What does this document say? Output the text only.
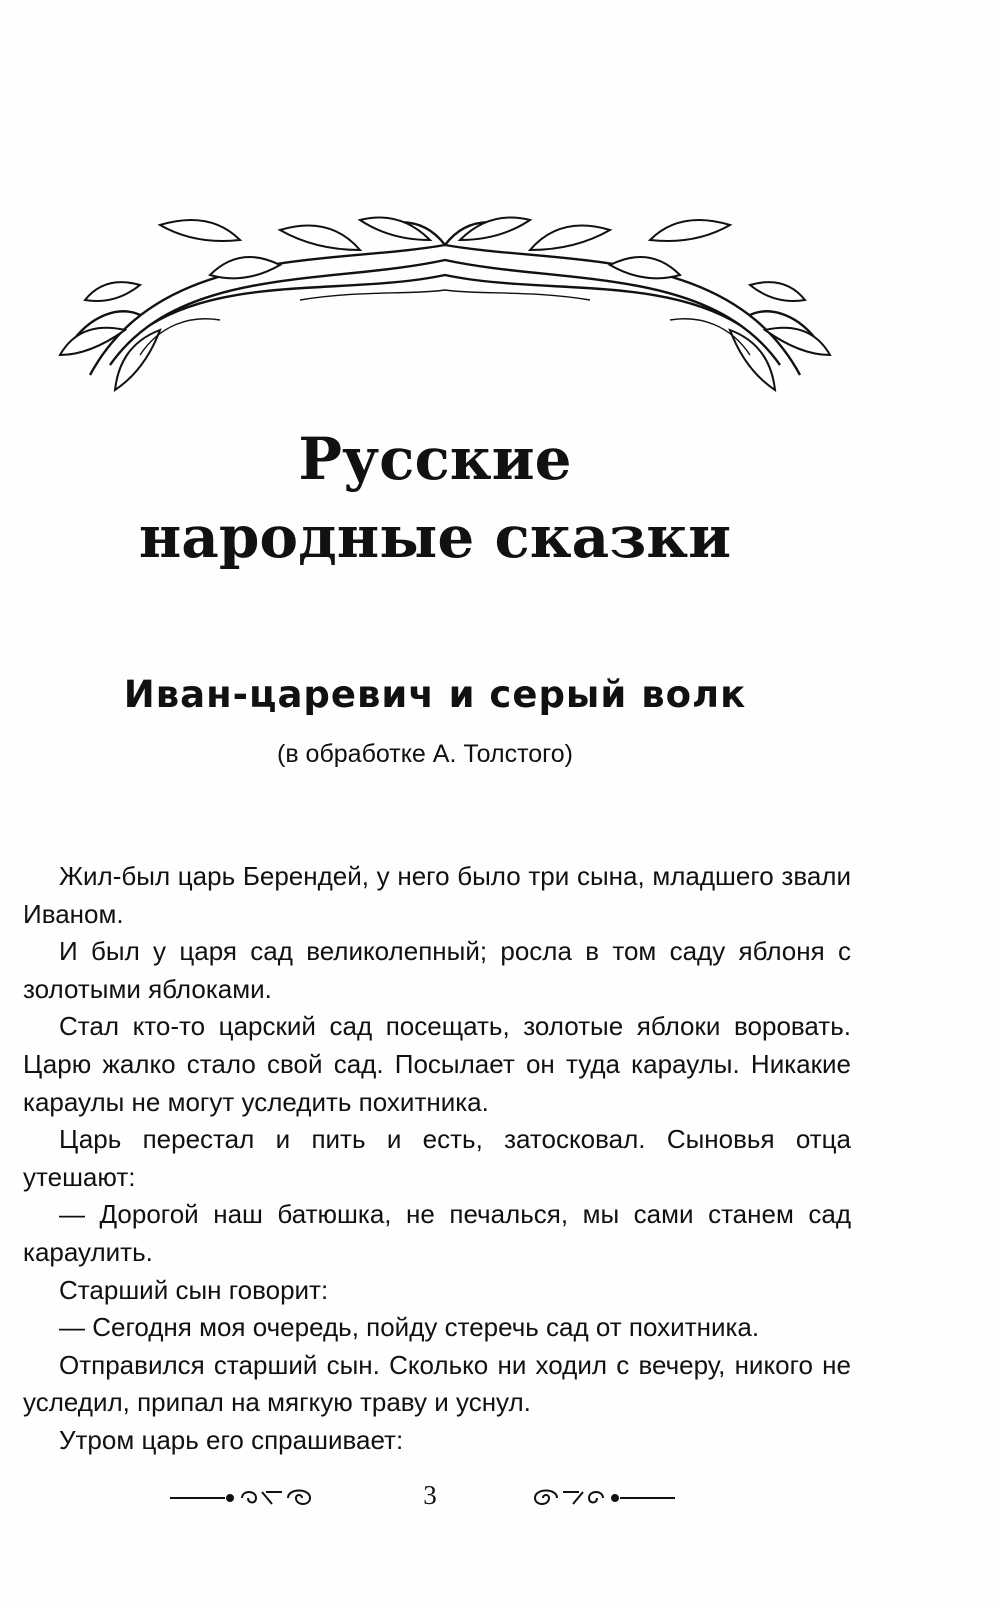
Русские
народные сказки
Иван-царевич и серый волк
(в обработке А. Толстого)

Жил-был царь Берендей, у него было три сына, младшего звали Иваном.

И был у царя сад великолепный; росла в том саду яблоня с золотыми яблоками.

Стал кто-то царский сад посещать, золотые яблоки воровать. Царю жалко стало свой сад. Посылает он туда караулы. Никакие караулы не могут уследить похитника.

Царь перестал и пить и есть, затосковал. Сыновья отца утешают:

— Дорогой наш батюшка, не печалься, мы сами станем сад караулить.

Старший сын говорит:

— Сегодня моя очередь, пойду стеречь сад от похитника.

Отправился старший сын. Сколько ни ходил с вечеру, никого не уследил, припал на мягкую траву и уснул.

Утром царь его спрашивает:

3
